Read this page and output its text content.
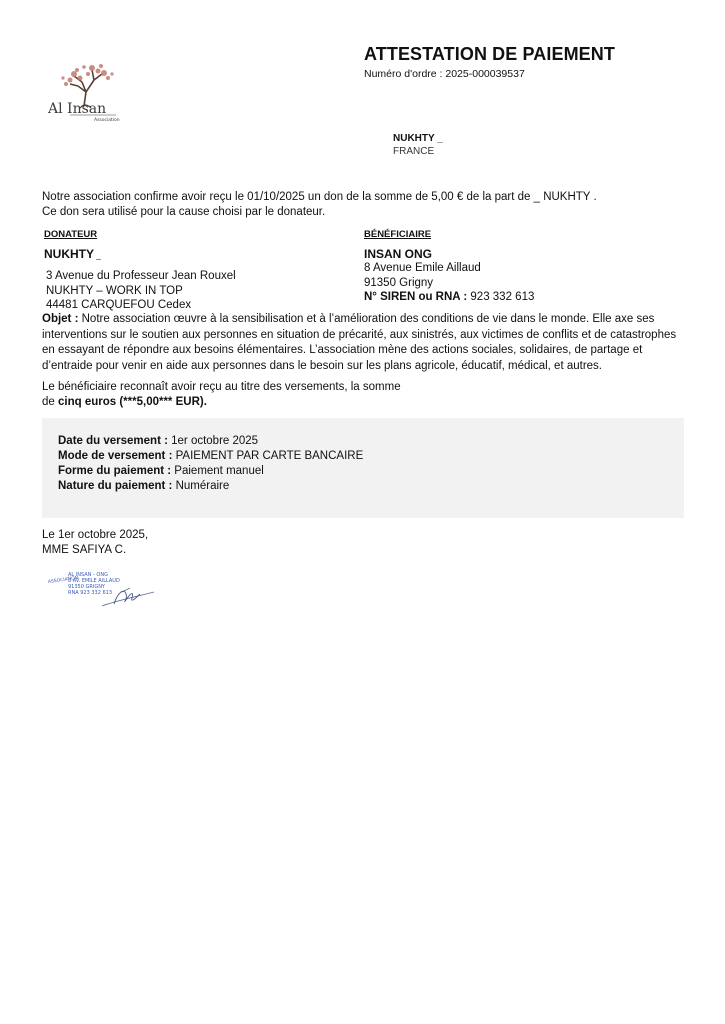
Al Insan
Association
ATTESTATION DE PAIEMENT
Numéro d'ordre : 2025-000039537
NUKHTY _
FRANCE
Notre association confirme avoir reçu le 01/10/2025 un don de la somme de 5,00 € de la part de _ NUKHTY .
Ce don sera utilisé pour la cause choisi par le donateur.
DONATEUR
NUKHTY _
3 Avenue du Professeur Jean Rouxel
NUKHTY – WORK IN TOP
44481 CARQUEFOU Cedex
BÉNÉFICIAIRE
INSAN ONG
8 Avenue Emile Aillaud
91350 Grigny
N° SIREN ou RNA : 923 332 613
Objet : Notre association œuvre à la sensibilisation et à l’amélioration des conditions de vie dans le monde. Elle axe ses interventions sur le soutien aux personnes en situation de précarité, aux sinistrés, aux victimes de conflits et de catastrophes en essayant de répondre aux besoins élémentaires. L’association mène des actions sociales, solidaires, de partage et d’entraide pour venir en aide aux personnes dans le besoin sur les plans agricole, éducatif, médical, et autres.
Le bénéficiaire reconnaît avoir reçu au titre des versements, la somme
de cinq euros (***5,00*** EUR).
Date du versement : 1er octobre 2025
Mode de versement : PAIEMENT PAR CARTE BANCAIRE
Forme du paiement : Paiement manuel
Nature du paiement : Numéraire
Le 1er octobre 2025,
MME SAFIYA C.
ASSOCIATION
AL INSAN - ONG
8 AV. EMILE AILLAUD
91350 GRIGNY
RNA 923 332 613
